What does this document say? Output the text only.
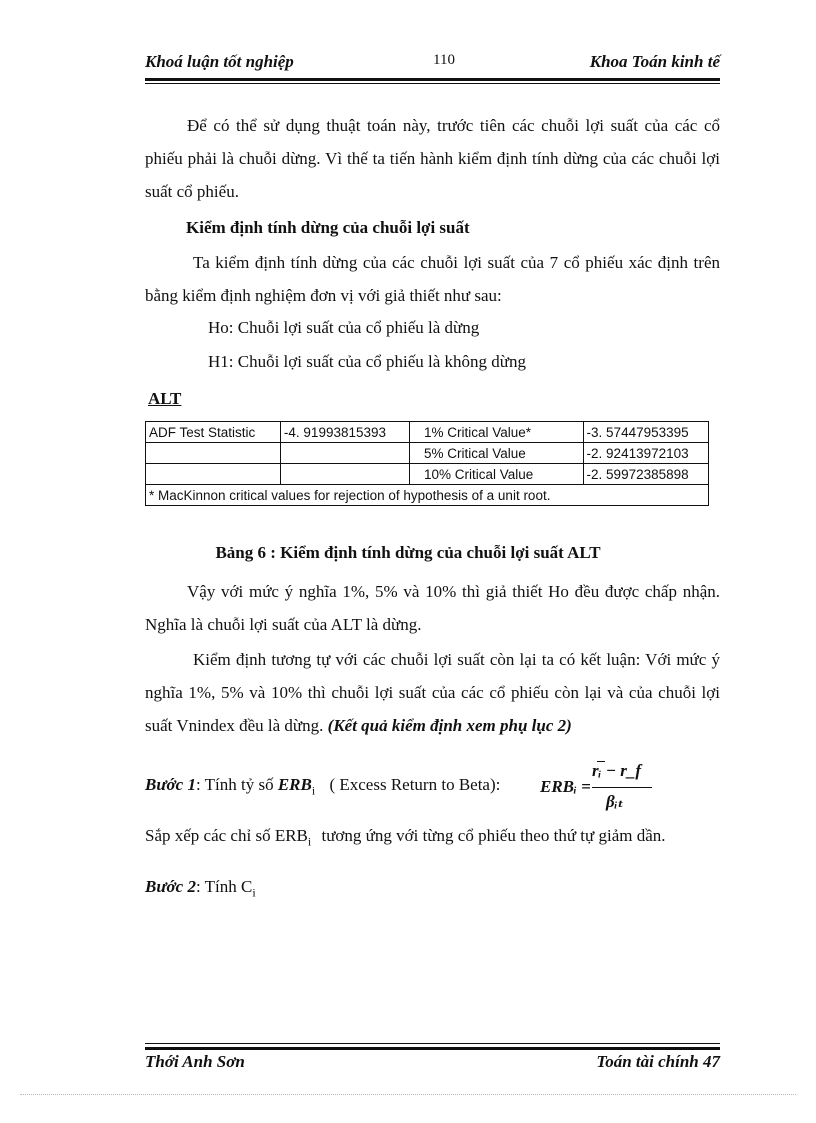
Khoá luận tốt nghiệp	110	Khoa Toán kinh tế
Để có thể sử dụng thuật toán này, trước tiên các chuỗi lợi suất của các cổ phiếu phải là chuỗi dừng. Vì thế ta tiến hành kiểm định tính dừng của các chuỗi lợi suất cổ phiếu.
Kiểm định tính dừng của chuỗi lợi suất
Ta kiểm định tính dừng của các chuỗi lợi suất của 7 cổ phiếu xác định trên bằng kiểm định nghiệm đơn vị với giả thiết như sau:
Ho: Chuỗi lợi suất của cổ phiếu là dừng
H1: Chuỗi lợi suất của cổ phiếu là không dừng
ALT
ADF Test Statistic	-4. 91993815393	1% Critical Value*	-3. 57447953395
		5% Critical Value	-2. 92413972103
		10% Critical Value	-2. 59972385898
* MacKinnon critical values for rejection of hypothesis of a unit root.			
Bảng 6 : Kiểm định tính dừng của chuỗi lợi suất ALT
Vậy với mức ý nghĩa 1%, 5% và 10% thì giả thiết Ho đều được chấp nhận. Nghĩa là chuỗi lợi suất của ALT là dừng.
Kiểm định tương tự với các chuỗi lợi suất còn lại ta có kết luận: Với mức ý nghĩa 1%, 5% và 10% thì chuỗi lợi suất của các cổ phiếu còn lại và của chuỗi lợi suất Vnindex đều là dừng. (Kết quả kiểm định xem phụ lục 2)
Bước 1: Tính tỷ số $ERB_i$ ( Excess Return to Beta): ERBᵢ =
rᵢ − r_f
βᵢₜ
Sắp xếp các chỉ số $ERB_i$ tương ứng với từng cổ phiếu theo thứ tự giảm dần.
Bước 2: Tính $C_i$
Thới Anh Sơn	Toán tài chính 47
